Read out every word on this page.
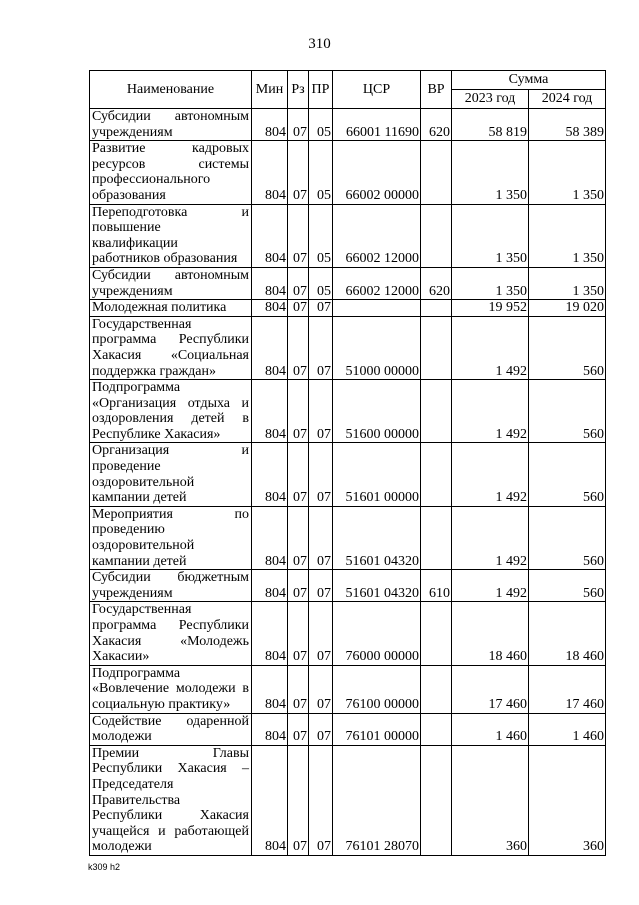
310
Наименование	Мин	Рз	ПР	ЦСР	ВР	Сумма	
						2023 год	2024 год
Субсидии автономным учреждениям	804	07	05	66001 11690	620	58 819	58 389
Развитие кадровых ресурсов системы профессионального образования	804	07	05	66002 00000		1 350	1 350
Переподготовка и повышение квалификации работников образования	804	07	05	66002 12000		1 350	1 350
Субсидии автономным учреждениям	804	07	05	66002 12000	620	1 350	1 350
Молодежная политика	804	07	07			19 952	19 020
Государственная программа Республики Хакасия «Социальная поддержка граждан»	804	07	07	51000 00000		1 492	560
Подпрограмма «Организация отдыха и оздоровления детей в Республике Хакасия»	804	07	07	51600 00000		1 492	560
Организация и проведение оздоровительной кампании детей	804	07	07	51601 00000		1 492	560
Мероприятия по проведению оздоровительной кампании детей	804	07	07	51601 04320		1 492	560
Субсидии бюджетным учреждениям	804	07	07	51601 04320	610	1 492	560
Государственная программа Республики Хакасия «Молодежь Хакасии»	804	07	07	76000 00000		18 460	18 460
Подпрограмма «Вовлечение молодежи в социальную практику»	804	07	07	76100 00000		17 460	17 460
Содействие одаренной молодежи	804	07	07	76101 00000		1 460	1 460
Премии Главы Республики Хакасия – Председателя Правительства Республики Хакасия учащейся и работающей молодежи	804	07	07	76101 28070		360	360
k309 h2
